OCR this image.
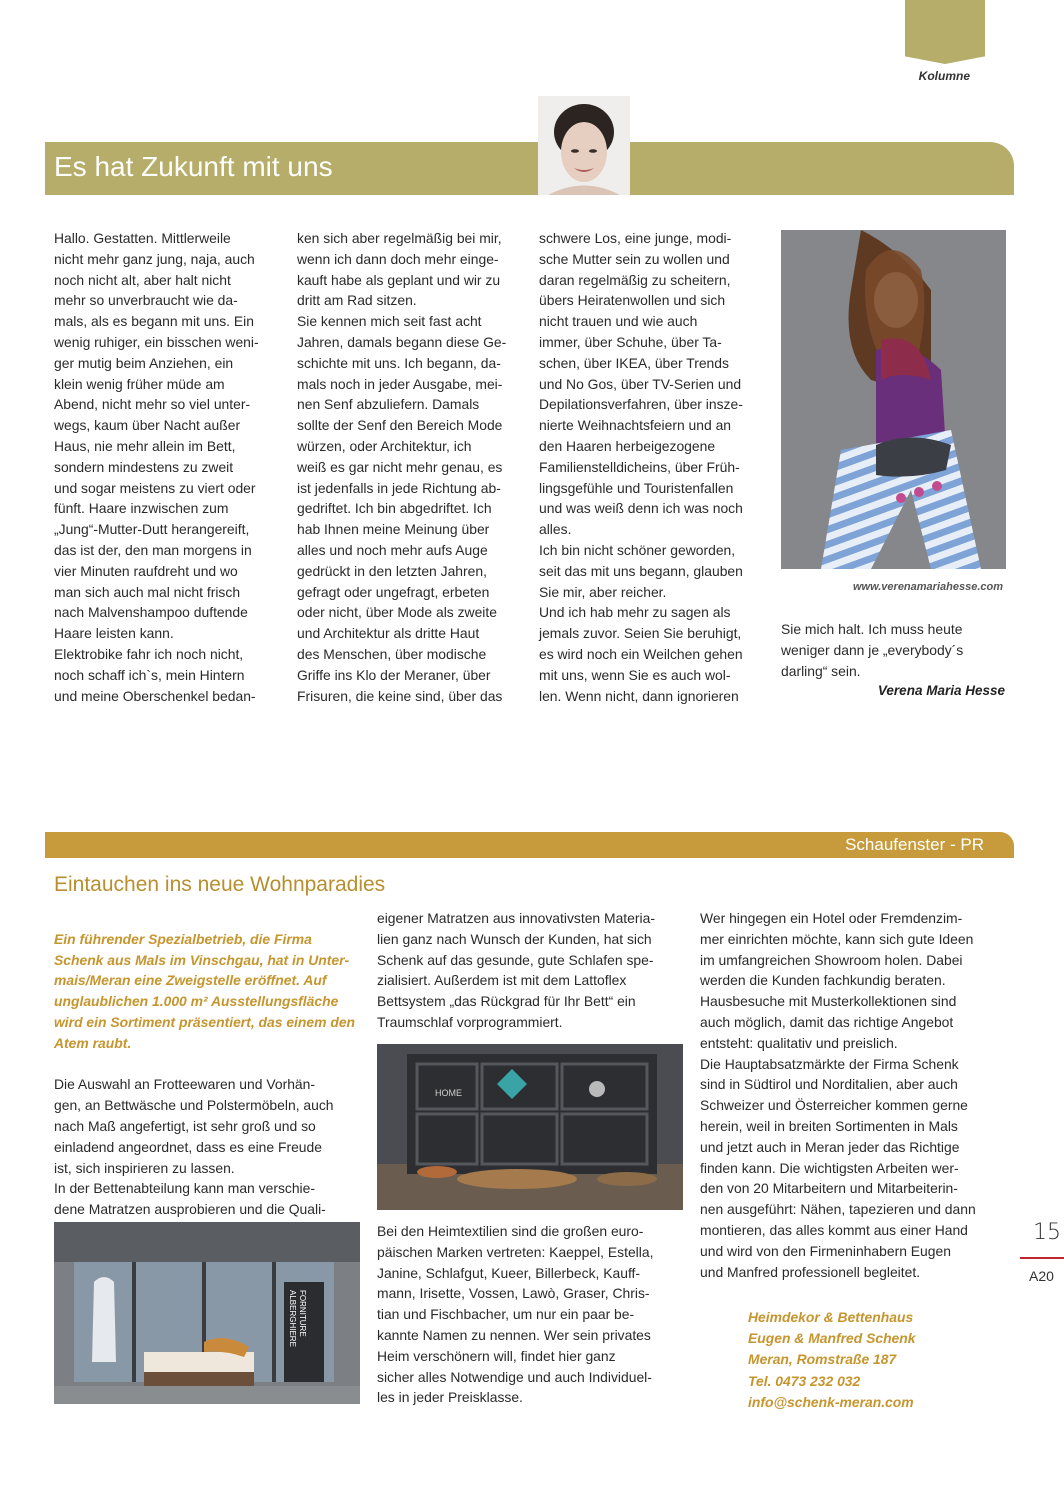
Kolumne
Es hat Zukunft mit uns
Hallo. Gestatten. Mittlerweile
nicht mehr ganz jung, naja, auch
noch nicht alt, aber halt nicht
mehr so unverbraucht wie da-
mals, als es begann mit uns. Ein
wenig ruhiger, ein bisschen weni-
ger mutig beim Anziehen, ein
klein wenig früher müde am
Abend, nicht mehr so viel unter-
wegs, kaum über Nacht außer
Haus, nie mehr allein im Bett,
sondern mindestens zu zweit
und sogar meistens zu viert oder
fünft. Haare inzwischen zum
„Jung“-Mutter-Dutt herangereift,
das ist der, den man morgens in
vier Minuten raufdreht und wo
man sich auch mal nicht frisch
nach Malvenshampoo duftende
Haare leisten kann.
Elektrobike fahr ich noch nicht,
noch schaff ich`s, mein Hintern
und meine Oberschenkel bedan-
ken sich aber regelmäßig bei mir,
wenn ich dann doch mehr einge-
kauft habe als geplant und wir zu
dritt am Rad sitzen.
Sie kennen mich seit fast acht
Jahren, damals begann diese Ge-
schichte mit uns. Ich begann, da-
mals noch in jeder Ausgabe, mei-
nen Senf abzuliefern. Damals
sollte der Senf den Bereich Mode
würzen, oder Architektur, ich
weiß es gar nicht mehr genau, es
ist jedenfalls in jede Richtung ab-
gedriftet. Ich bin abgedriftet. Ich
hab Ihnen meine Meinung über
alles und noch mehr aufs Auge
gedrückt in den letzten Jahren,
gefragt oder ungefragt, erbeten
oder nicht, über Mode als zweite
und Architektur als dritte Haut
des Menschen, über modische
Griffe ins Klo der Meraner, über
Frisuren, die keine sind, über das
schwere Los, eine junge, modi-
sche Mutter sein zu wollen und
daran regelmäßig zu scheitern,
übers Heiratenwollen und sich
nicht trauen und wie auch
immer, über Schuhe, über Ta-
schen, über IKEA, über Trends
und No Gos, über TV-Serien und
Depilationsverfahren, über insze-
nierte Weihnachtsfeiern und an
den Haaren herbeigezogene
Familienstelldicheins, über Früh-
lingsgefühle und Touristenfallen
und was weiß denn ich was noch
alles.
Ich bin nicht schöner geworden,
seit das mit uns begann, glauben
Sie mir, aber reicher.
Und ich hab mehr zu sagen als
jemals zuvor. Seien Sie beruhigt,
es wird noch ein Weilchen gehen
mit uns, wenn Sie es auch wol-
len. Wenn nicht, dann ignorieren
www.verenamariahesse.com
Sie mich halt. Ich muss heute
weniger dann je „everybody´s
darling“ sein.
Verena Maria Hesse
Schaufenster - PR
Eintauchen ins neue Wohnparadies

Ein führender Spezialbetrieb, die Firma
Schenk aus Mals im Vinschgau, hat in Unter-
mais/Meran eine Zweigstelle eröffnet. Auf
unglaublichen 1.000 m² Ausstellungsfläche
wird ein Sortiment präsentiert, das einem den
Atem raubt.

Die Auswahl an Frotteewaren und Vorhän-
gen, an Bettwäsche und Polstermöbeln, auch
nach Maß angefertigt, ist sehr groß und so
einladend angeordnet, dass es eine Freude
ist, sich inspirieren zu lassen.
In der Bettenabteilung kann man verschie-
dene Matratzen ausprobieren und die Quali-

eigener Matratzen aus innovativsten Materia-
lien ganz nach Wunsch der Kunden, hat sich
Schenk auf das gesunde, gute Schlafen spe-
zialisiert. Außerdem ist mit dem Lattoflex
Bettsystem „das Rückgrad für Ihr Bett“ ein
Traumschlaf vorprogrammiert.
HOME
Bei den Heimtextilien sind die großen euro-
päischen Marken vertreten: Kaeppel, Estella,
Janine, Schlafgut, Kueer, Billerbeck, Kauff-
mann, Irisette, Vossen, Lawò, Graser, Chris-
tian und Fischbacher, um nur ein paar be-
kannte Namen zu nennen. Wer sein privates
Heim verschönern will, findet hier ganz
sicher alles Notwendige und auch Individuel-
les in jeder Preisklasse.
FORNITURE
ALBERGHIERE
Wer hingegen ein Hotel oder Fremdenzim-
mer einrichten möchte, kann sich gute Ideen
im umfangreichen Showroom holen. Dabei
werden die Kunden fachkundig beraten.
Hausbesuche mit Musterkollektionen sind
auch möglich, damit das richtige Angebot
entsteht: qualitativ und preislich.
Die Hauptabsatzmärkte der Firma Schenk
sind in Südtirol und Norditalien, aber auch
Schweizer und Österreicher kommen gerne
herein, weil in breiten Sortimenten in Mals
und jetzt auch in Meran jeder das Richtige
finden kann. Die wichtigsten Arbeiten wer-
den von 20 Mitarbeitern und Mitarbeiterin-
nen ausgeführt: Nähen, tapezieren und dann
montieren, das alles kommt aus einer Hand
und wird von den Firmeninhabern Eugen
und Manfred professionell begleitet.
Heimdekor & Bettenhaus
Eugen & Manfred Schenk
Meran, Romstraße 187
Tel. 0473 232 032
info@schenk-meran.com
15
A20
